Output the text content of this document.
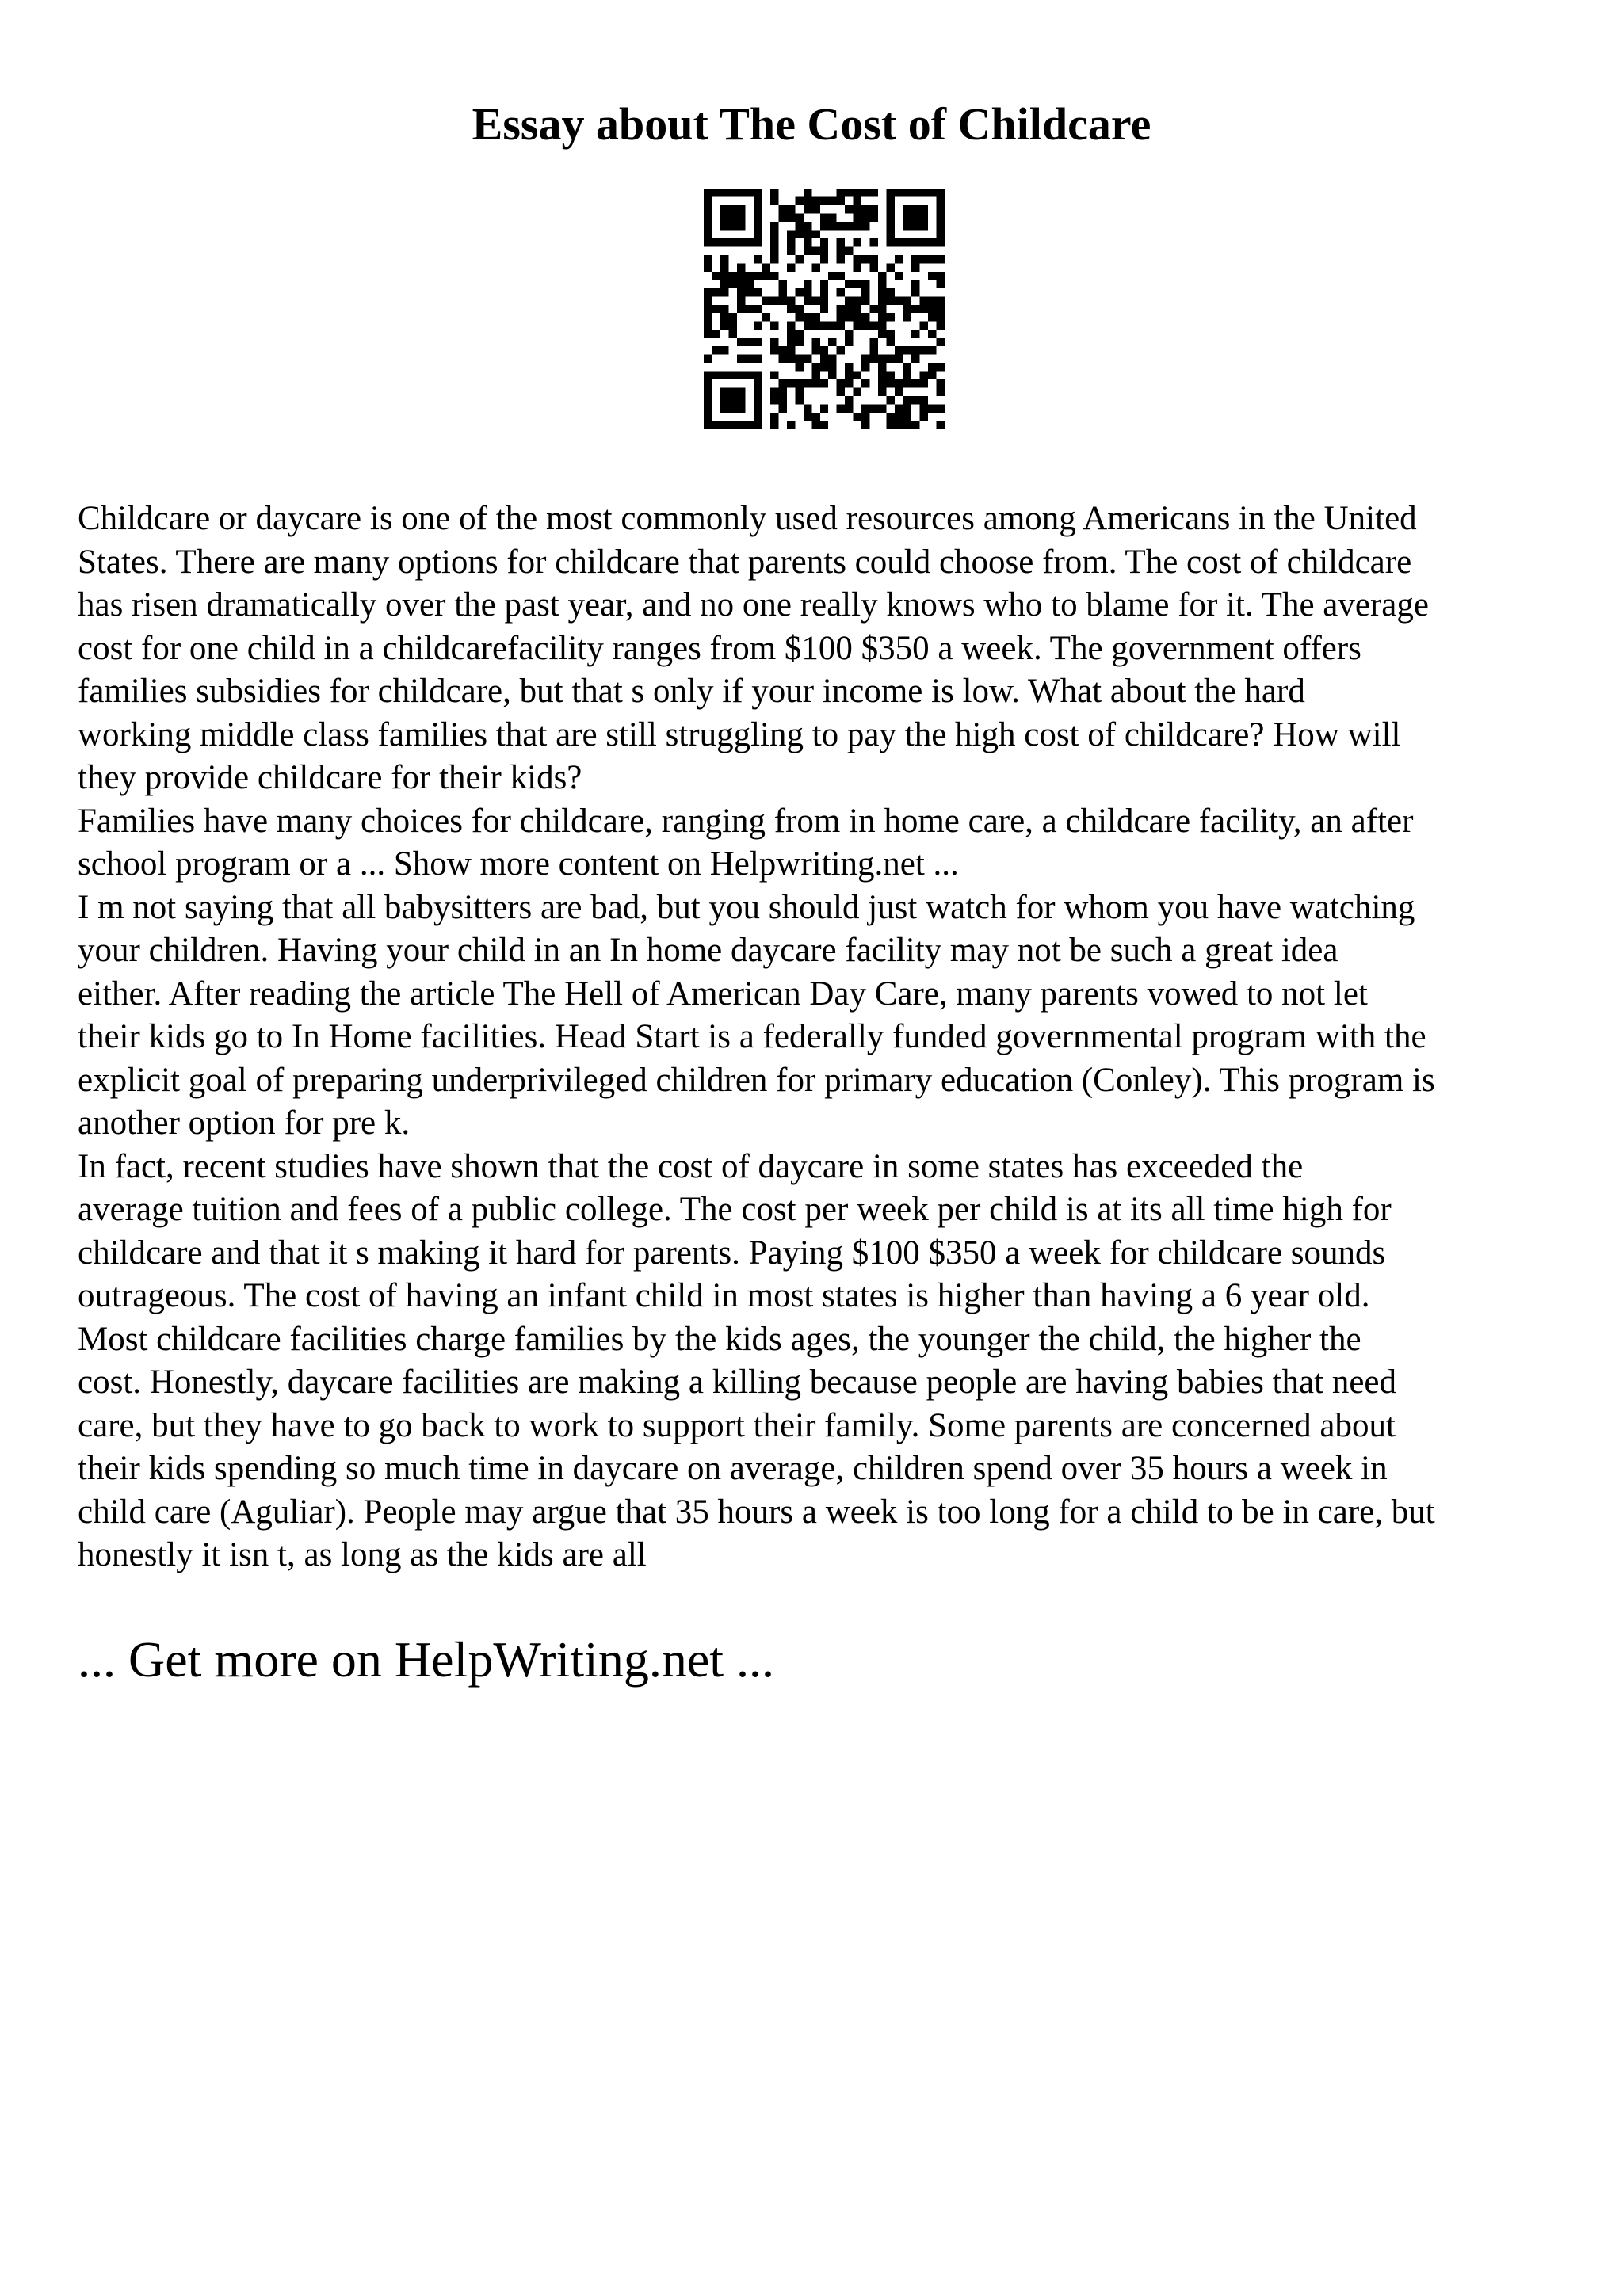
Essay about The Cost of Childcare
Childcare or daycare is one of the most commonly used resources among Americans in the United
States. There are many options for childcare that parents could choose from. The cost of childcare
has risen dramatically over the past year, and no one really knows who to blame for it. The average
cost for one child in a childcarefacility ranges from $100 $350 a week. The government offers
families subsidies for childcare, but that s only if your income is low. What about the hard
working middle class families that are still struggling to pay the high cost of childcare? How will
they provide childcare for their kids?
Families have many choices for childcare, ranging from in home care, a childcare facility, an after
school program or a ... Show more content on Helpwriting.net ...
I m not saying that all babysitters are bad, but you should just watch for whom you have watching
your children. Having your child in an In home daycare facility may not be such a great idea
either. After reading the article The Hell of American Day Care, many parents vowed to not let
their kids go to In Home facilities. Head Start is a federally funded governmental program with the
explicit goal of preparing underprivileged children for primary education (Conley). This program is
another option for pre k.
In fact, recent studies have shown that the cost of daycare in some states has exceeded the
average tuition and fees of a public college. The cost per week per child is at its all time high for
childcare and that it s making it hard for parents. Paying $100 $350 a week for childcare sounds
outrageous. The cost of having an infant child in most states is higher than having a 6 year old.
Most childcare facilities charge families by the kids ages, the younger the child, the higher the
cost. Honestly, daycare facilities are making a killing because people are having babies that need
care, but they have to go back to work to support their family. Some parents are concerned about
their kids spending so much time in daycare on average, children spend over 35 hours a week in
child care (Aguliar). People may argue that 35 hours a week is too long for a child to be in care, but
honestly it isn t, as long as the kids are all

... Get more on HelpWriting.net ...
